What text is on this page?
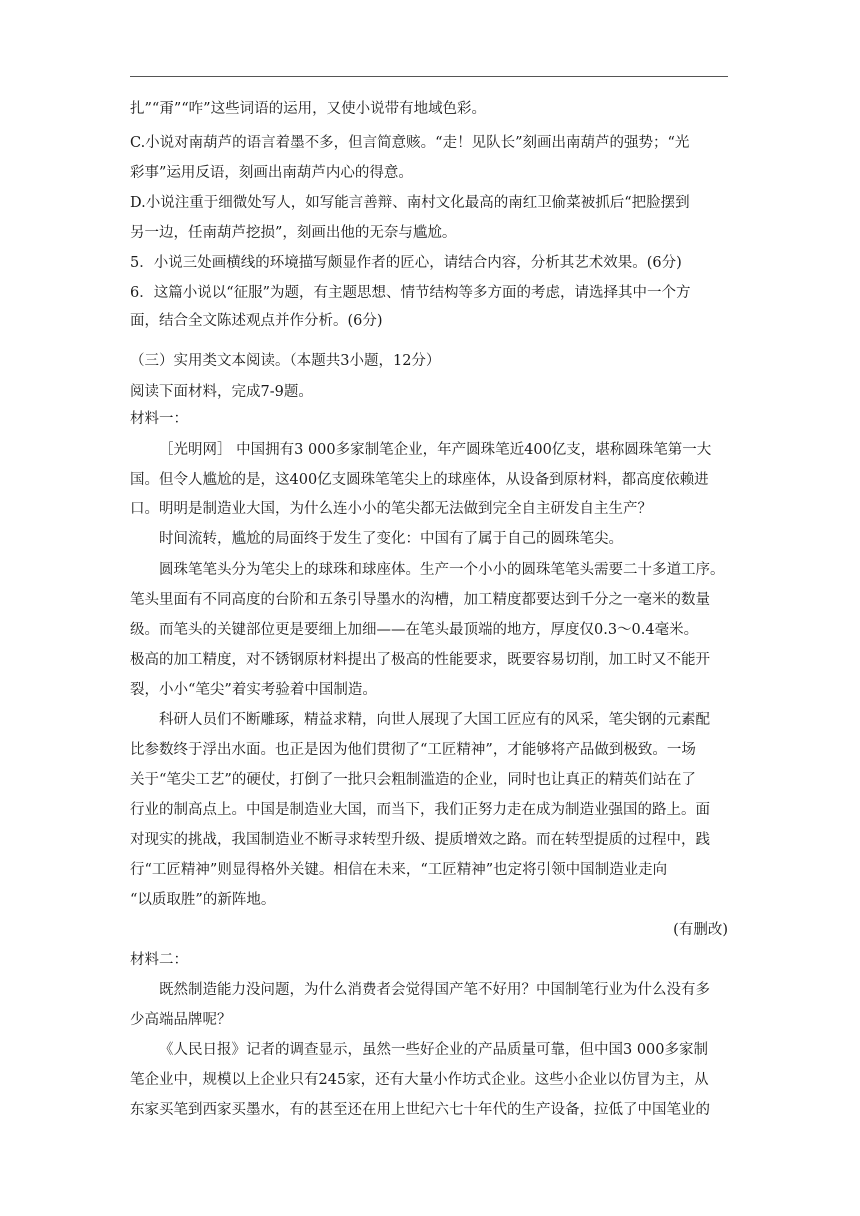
扎”“甭”“咋”这些词语的运用，又使小说带有地域色彩。
C.小说对南葫芦的语言着墨不多，但言简意赅。“走！见队长”刻画出南葫芦的强势；“光
彩事”运用反语，刻画出南葫芦内心的得意。
D.小说注重于细微处写人，如写能言善辩、南村文化最高的南红卫偷菜被抓后“把脸摆到
另一边，任南葫芦挖损”，刻画出他的无奈与尴尬。
5．小说三处画横线的环境描写颇显作者的匠心，请结合内容，分析其艺术效果。(6分)
6．这篇小说以“征服”为题，有主题思想、情节结构等多方面的考虑，请选择其中一个方
面，结合全文陈述观点并作分析。(6分)
（三）实用类文本阅读。（本题共3小题，12分）
阅读下面材料，完成7-9题。
材料一：
［光明网］ 中国拥有3 000多家制笔企业，年产圆珠笔近400亿支，堪称圆珠笔第一大
国。但令人尴尬的是，这400亿支圆珠笔笔尖上的球座体，从设备到原材料，都高度依赖进
口。明明是制造业大国，为什么连小小的笔尖都无法做到完全自主研发自主生产？
时间流转，尴尬的局面终于发生了变化：中国有了属于自己的圆珠笔尖。
圆珠笔笔头分为笔尖上的球珠和球座体。生产一个小小的圆珠笔笔头需要二十多道工序。
笔头里面有不同高度的台阶和五条引导墨水的沟槽，加工精度都要达到千分之一毫米的数量
级。而笔头的关键部位更是要细上加细——在笔头最顶端的地方，厚度仅0.3～0.4毫米。
极高的加工精度，对不锈钢原材料提出了极高的性能要求，既要容易切削，加工时又不能开
裂，小小“笔尖”着实考验着中国制造。
科研人员们不断雕琢，精益求精，向世人展现了大国工匠应有的风采，笔尖钢的元素配
比参数终于浮出水面。也正是因为他们贯彻了“工匠精神”，才能够将产品做到极致。一场
关于“笔尖工艺”的硬仗，打倒了一批只会粗制滥造的企业，同时也让真正的精英们站在了
行业的制高点上。中国是制造业大国，而当下，我们正努力走在成为制造业强国的路上。面
对现实的挑战，我国制造业不断寻求转型升级、提质增效之路。而在转型提质的过程中，践
行“工匠精神”则显得格外关键。相信在未来，“工匠精神”也定将引领中国制造业走向
“以质取胜”的新阵地。
(有删改)
材料二：
既然制造能力没问题，为什么消费者会觉得国产笔不好用？中国制笔行业为什么没有多
少高端品牌呢？
《人民日报》记者的调查显示，虽然一些好企业的产品质量可靠，但中国3 000多家制
笔企业中，规模以上企业只有245家，还有大量小作坊式企业。这些小企业以仿冒为主，从
东家买笔到西家买墨水，有的甚至还在用上世纪六七十年代的生产设备，拉低了中国笔业的
